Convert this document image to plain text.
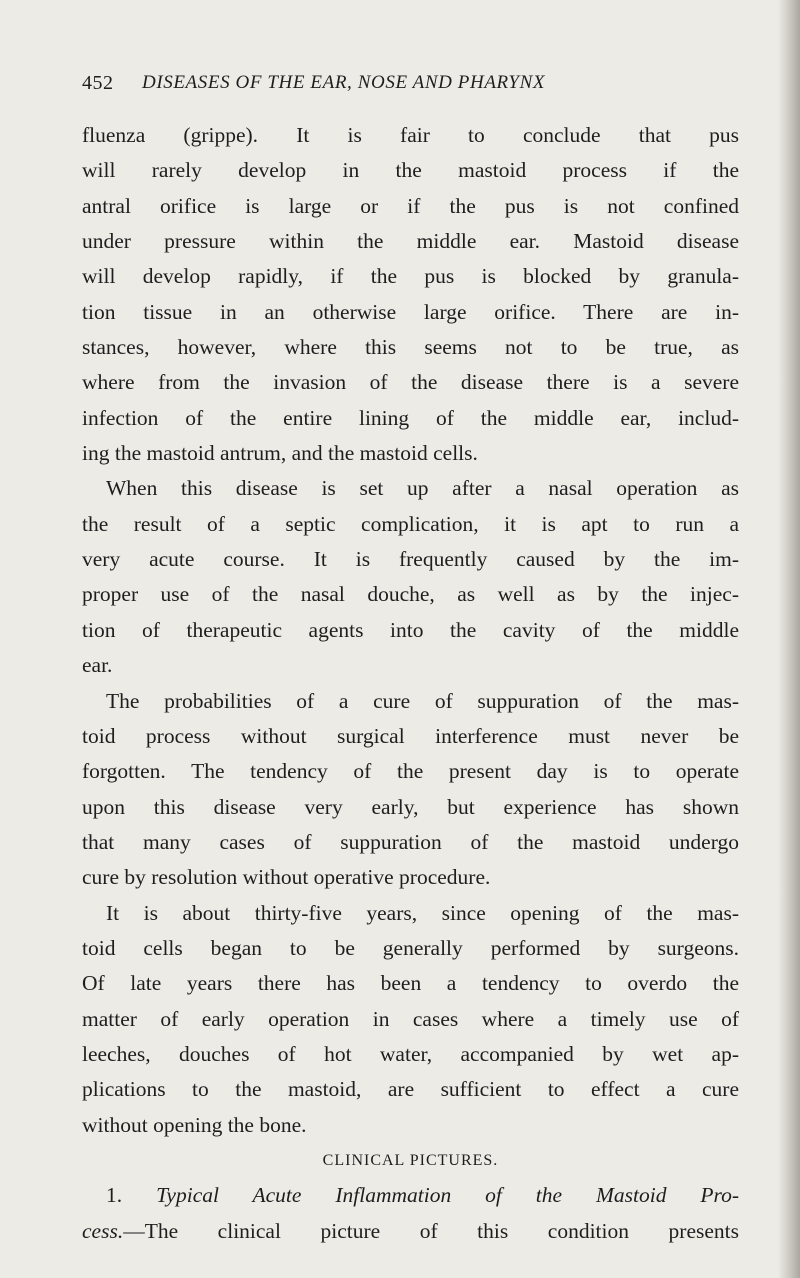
452 DISEASES OF THE EAR, NOSE AND PHARYNX
fluenza (grippe). It is fair to conclude that pus
will rarely develop in the mastoid process if the
antral orifice is large or if the pus is not confined
under pressure within the middle ear. Mastoid disease
will develop rapidly, if the pus is blocked by granula-
tion tissue in an otherwise large orifice. There are in-
stances, however, where this seems not to be true, as
where from the invasion of the disease there is a severe
infection of the entire lining of the middle ear, includ-
ing the mastoid antrum, and the mastoid cells.
When this disease is set up after a nasal operation as
the result of a septic complication, it is apt to run a
very acute course. It is frequently caused by the im-
proper use of the nasal douche, as well as by the injec-
tion of therapeutic agents into the cavity of the middle
ear.
The probabilities of a cure of suppuration of the mas-
toid process without surgical interference must never be
forgotten. The tendency of the present day is to operate
upon this disease very early, but experience has shown
that many cases of suppuration of the mastoid undergo
cure by resolution without operative procedure.
It is about thirty-five years, since opening of the mas-
toid cells began to be generally performed by surgeons.
Of late years there has been a tendency to overdo the
matter of early operation in cases where a timely use of
leeches, douches of hot water, accompanied by wet ap-
plications to the mastoid, are sufficient to effect a cure
without opening the bone.
CLINICAL PICTURES.
1. Typical Acute Inflammation of the Mastoid Pro-
cess.—The clinical picture of this condition presents
